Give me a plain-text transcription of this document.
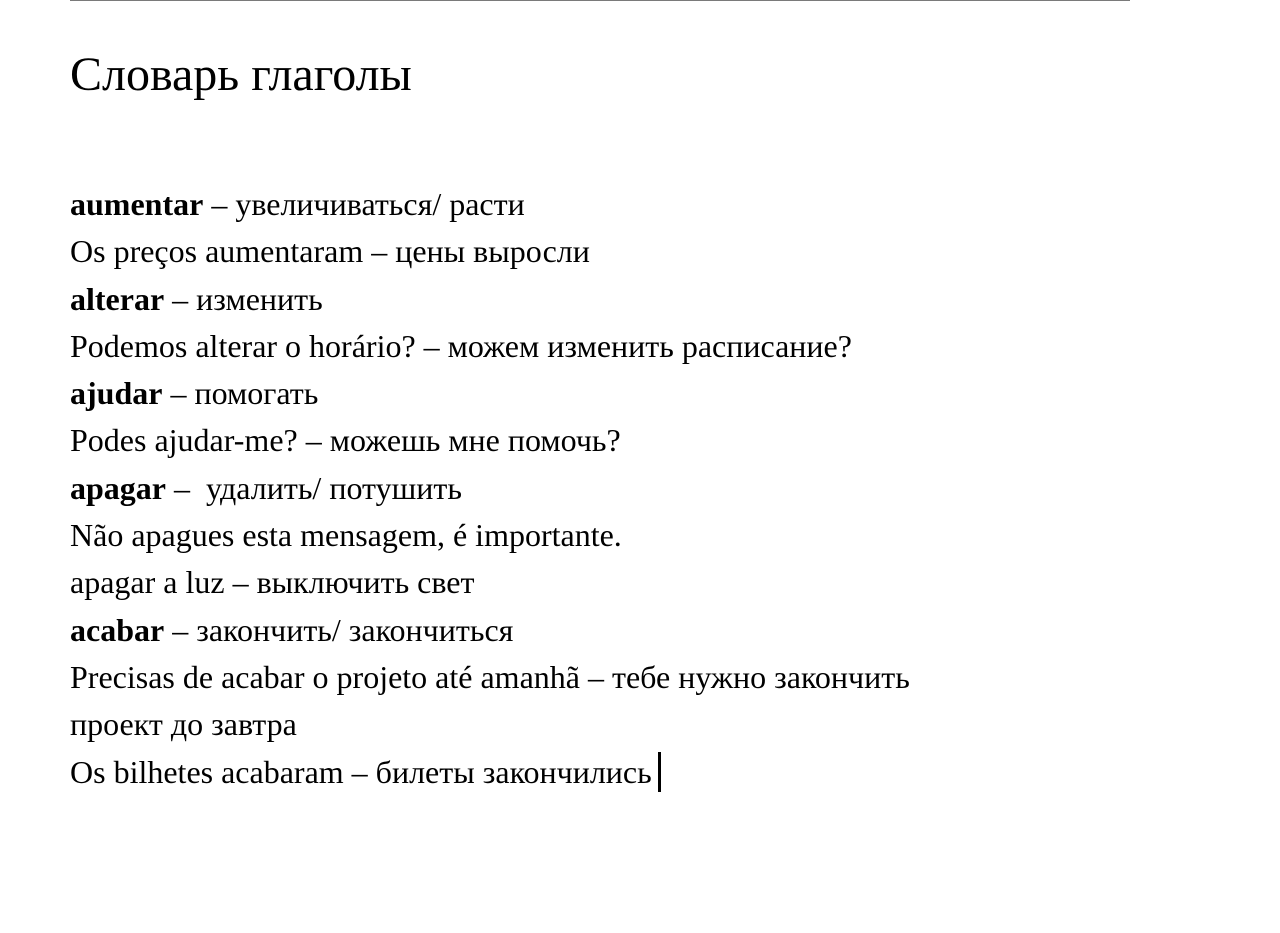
Словарь глаголы
aumentar – увеличиваться/ расти
Os preços aumentaram – цены выросли
alterar – изменить
Podemos alterar o horário? – можем изменить расписание?
ajudar – помогать
Podes ajudar-me? – можешь мне помочь?
apagar –  удалить/ потушить
Não apagues esta mensagem, é importante.
apagar a luz – выключить свет
acabar – закончить/ закончиться
Precisas de acabar o projeto até amanhã – тебе нужно закончить
проект до завтра
Os bilhetes acabaram – билеты закончились
